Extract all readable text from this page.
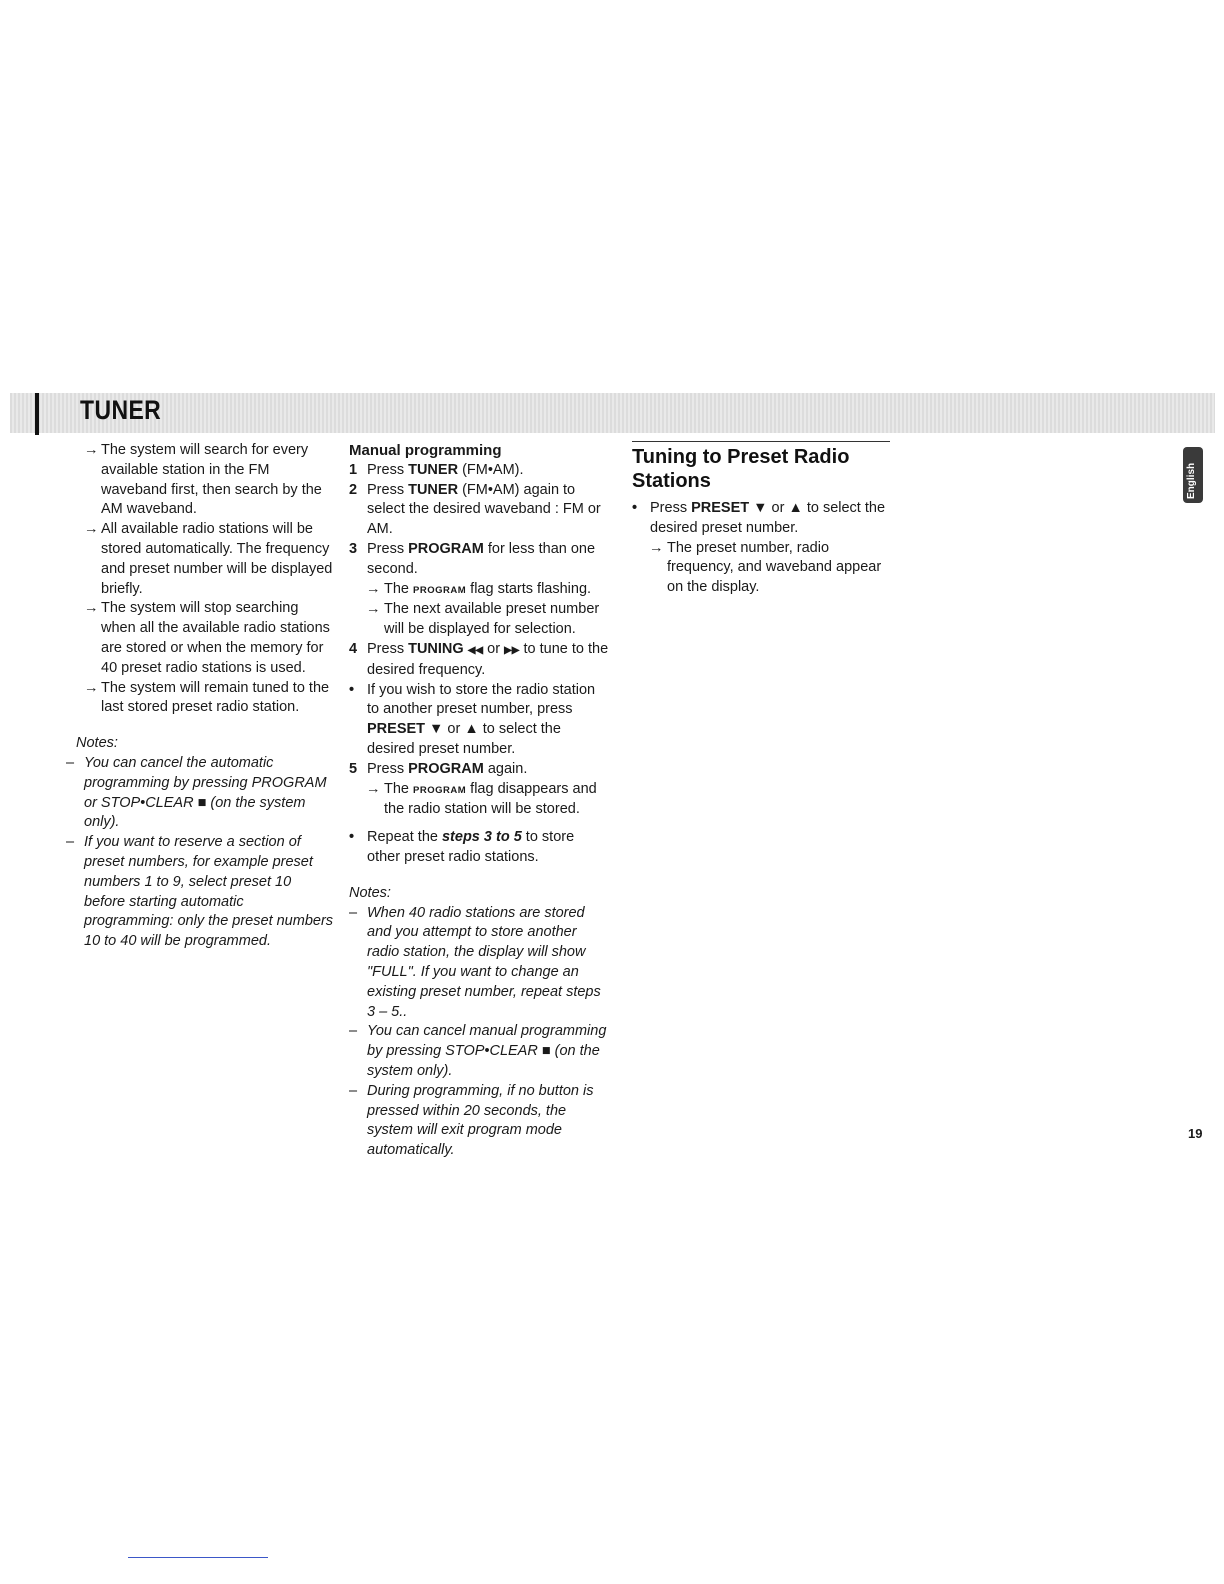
TUNER

→ The system will search for every available station in the FM waveband first, then search by the AM waveband.

→ All available radio stations will be stored automatically. The frequency and preset number will be displayed briefly.

→ The system will stop searching when all the available radio stations are stored or when the memory for 40 preset radio stations is used.

→ The system will remain tuned to the last stored preset radio station.

Notes:

– You can cancel the automatic programming by pressing PROGRAM or STOP•CLEAR ■ (on the system only).

– If you want to reserve a section of preset numbers, for example preset numbers 1 to 9, select preset 10 before starting automatic programming: only the preset numbers 10 to 40 will be programmed.

Manual programming

1 Press TUNER (FM•AM).

2 Press TUNER (FM•AM) again to select the desired waveband : FM or AM.

3 Press PROGRAM for less than one second.

→ The PROGRAM flag starts flashing.

→ The next available preset number will be displayed for selection.

4 Press TUNING ◀◀ or ▶▶ to tune to the desired frequency.

• If you wish to store the radio station to another preset number, press PRESET ▼ or ▲ to select the desired preset number.

5 Press PROGRAM again.

→ The PROGRAM flag disappears and the radio station will be stored.

• Repeat the steps 3 to 5 to store other preset radio stations.

Notes:

– When 40 radio stations are stored and you attempt to store another radio station, the display will show "FULL". If you want to change an existing preset number, repeat steps 3 – 5..

– You can cancel manual programming by pressing STOP•CLEAR ■ (on the system only).

– During programming, if no button is pressed within 20 seconds, the system will exit program mode automatically.

Tuning to Preset Radio Stations

• Press PRESET ▼ or ▲ to select the desired preset number.

→ The preset number, radio frequency, and waveband appear on the display.

English
19
